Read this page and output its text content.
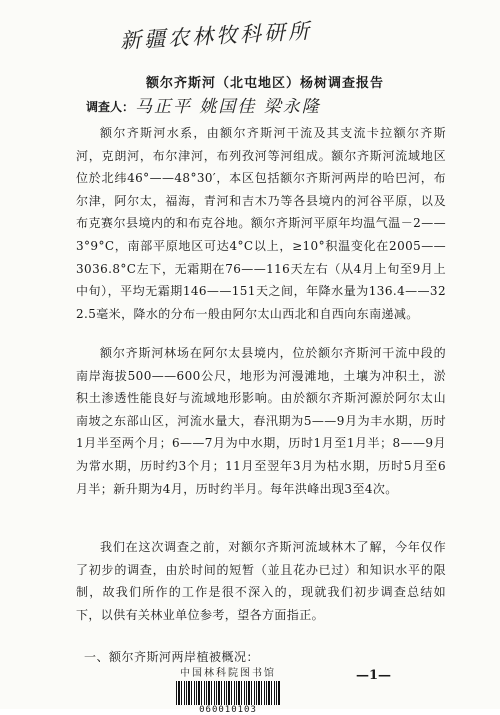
新疆农林牧科研所
额尔齐斯河（北屯地区）杨树调查报告
调查人： 马正平 姚国佳 梁永隆

额尔齐斯河水系，由额尔齐斯河干流及其支流卡拉额尔齐斯河，克朗河，布尔津河，布列孜河等河组成。额尔齐斯河流域地区位於北纬46°——48°30′，本区包括额尔齐斯河两岸的哈巴河，布尔津，阿尔太，福海，青河和吉木乃等各县境内的河谷平原，以及布克赛尔县境内的和布克谷地。额尔齐斯河平原年均温气温－2——3°9°C，南部平原地区可达4°C以上，≥10°积温变化在2005——3036.8°C左下，无霜期在76——116天左右（从4月上旬至9月上中旬），平均无霜期146——151天之间，年降水量为136.4——322.5毫米，降水的分布一般由阿尔太山西北和自西向东南递减。

额尔齐斯河林场在阿尔太县境内，位於额尔齐斯河干流中段的南岸海拔500——600公尺，地形为河漫滩地，土壤为冲积土，淤积土渗透性能良好与流域地形影响。由於额尔齐斯河源於阿尔太山南坡之东部山区，河流水量大，春汛期为5——9月为丰水期，历时1月半至两个月；6——7月为中水期，历时1月至1月半；8——9月为常水期，历时约3个月；11月至翌年3月为枯水期，历时5月至6月半；新升期为4月，历时约半月。每年洪峰出现3至4次。

我们在这次调查之前，对额尔齐斯河流域林木了解，今年仅作了初步的调查，由於时间的短暂（並且花办已过）和知识水平的限制，故我们所作的工作是很不深入的，现就我们初步调查总结如下，以供有关林业单位参考，望各方面指正。

一、额尔齐斯河两岸植被概况：
中国林科院图书馆
060010103
—1—
